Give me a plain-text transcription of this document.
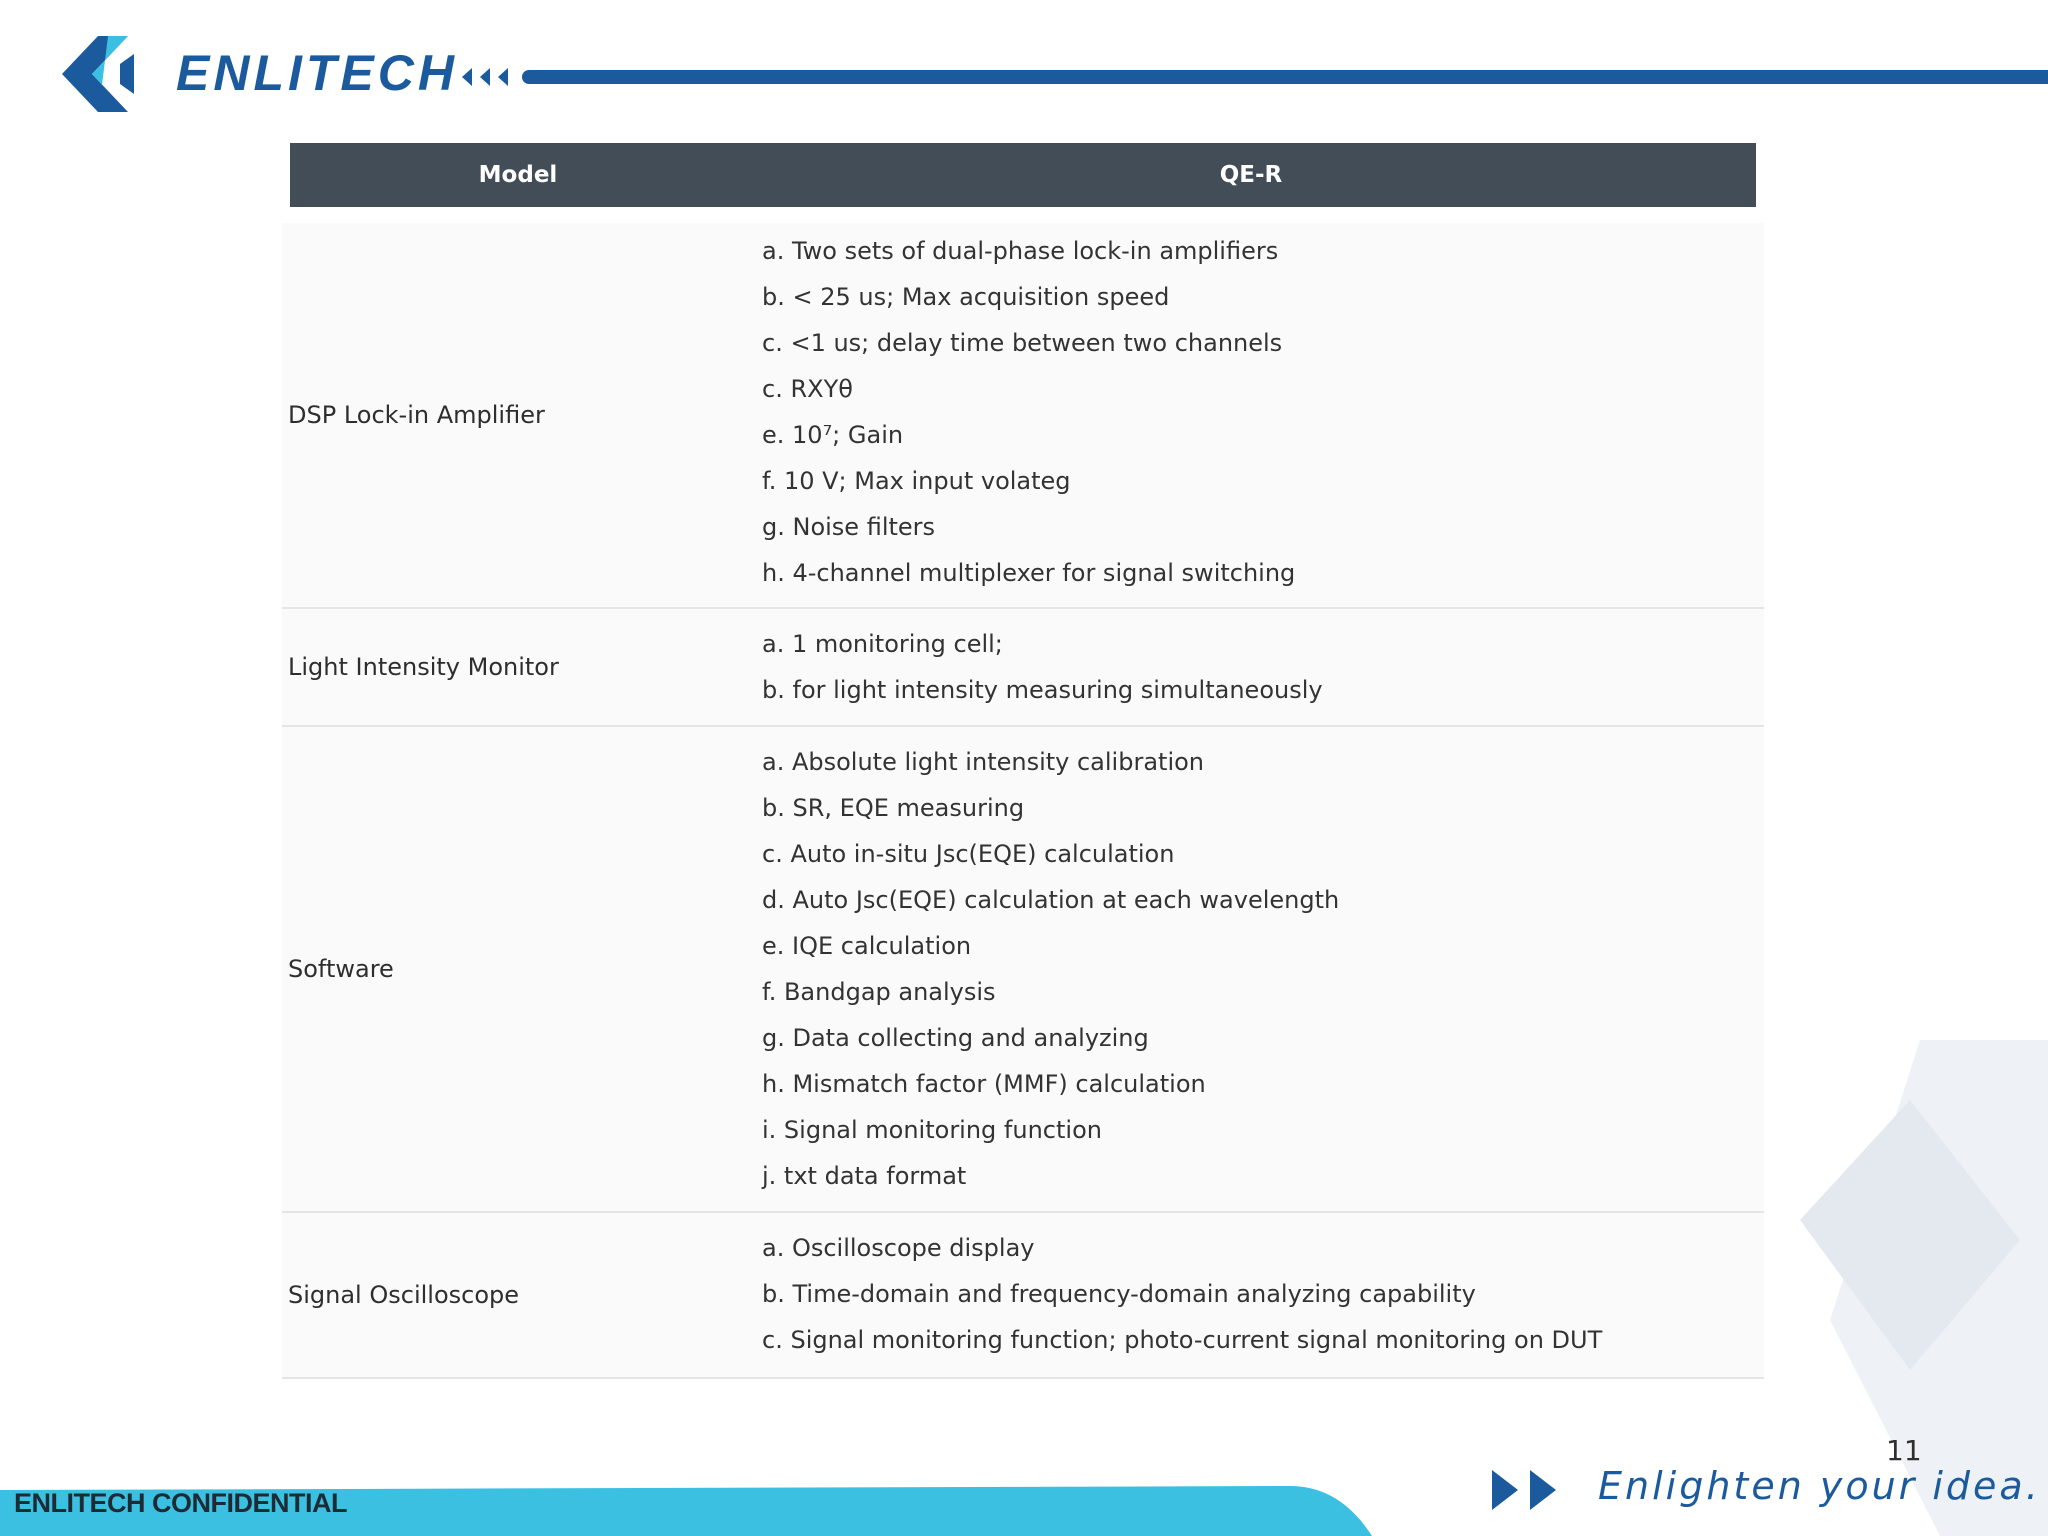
ENLITECH
Model	QE-R
DSP Lock-in Amplifier
a. Two sets of dual-phase lock-in amplifiers
b. < 25 us; Max acquisition speed
c. <1 us; delay time between two channels
c. RXYθ
e. 10⁷; Gain
f. 10 V; Max input volateg
g. Noise filters
h. 4-channel multiplexer for signal switching
Light Intensity Monitor
a. 1 monitoring cell;
b. for light intensity measuring simultaneously
Software
a. Absolute light intensity calibration
b. SR, EQE measuring
c. Auto in-situ Jsc(EQE) calculation
d. Auto Jsc(EQE) calculation at each wavelength
e. IQE calculation
f. Bandgap analysis
g. Data collecting and analyzing
h. Mismatch factor (MMF) calculation
i. Signal monitoring function
j. txt data format
Signal Oscilloscope
a. Oscilloscope display
b. Time-domain and frequency-domain analyzing capability
c. Signal monitoring function; photo-current signal monitoring on DUT
11
ENLITECH CONFIDENTIAL	Enlighten your idea.
